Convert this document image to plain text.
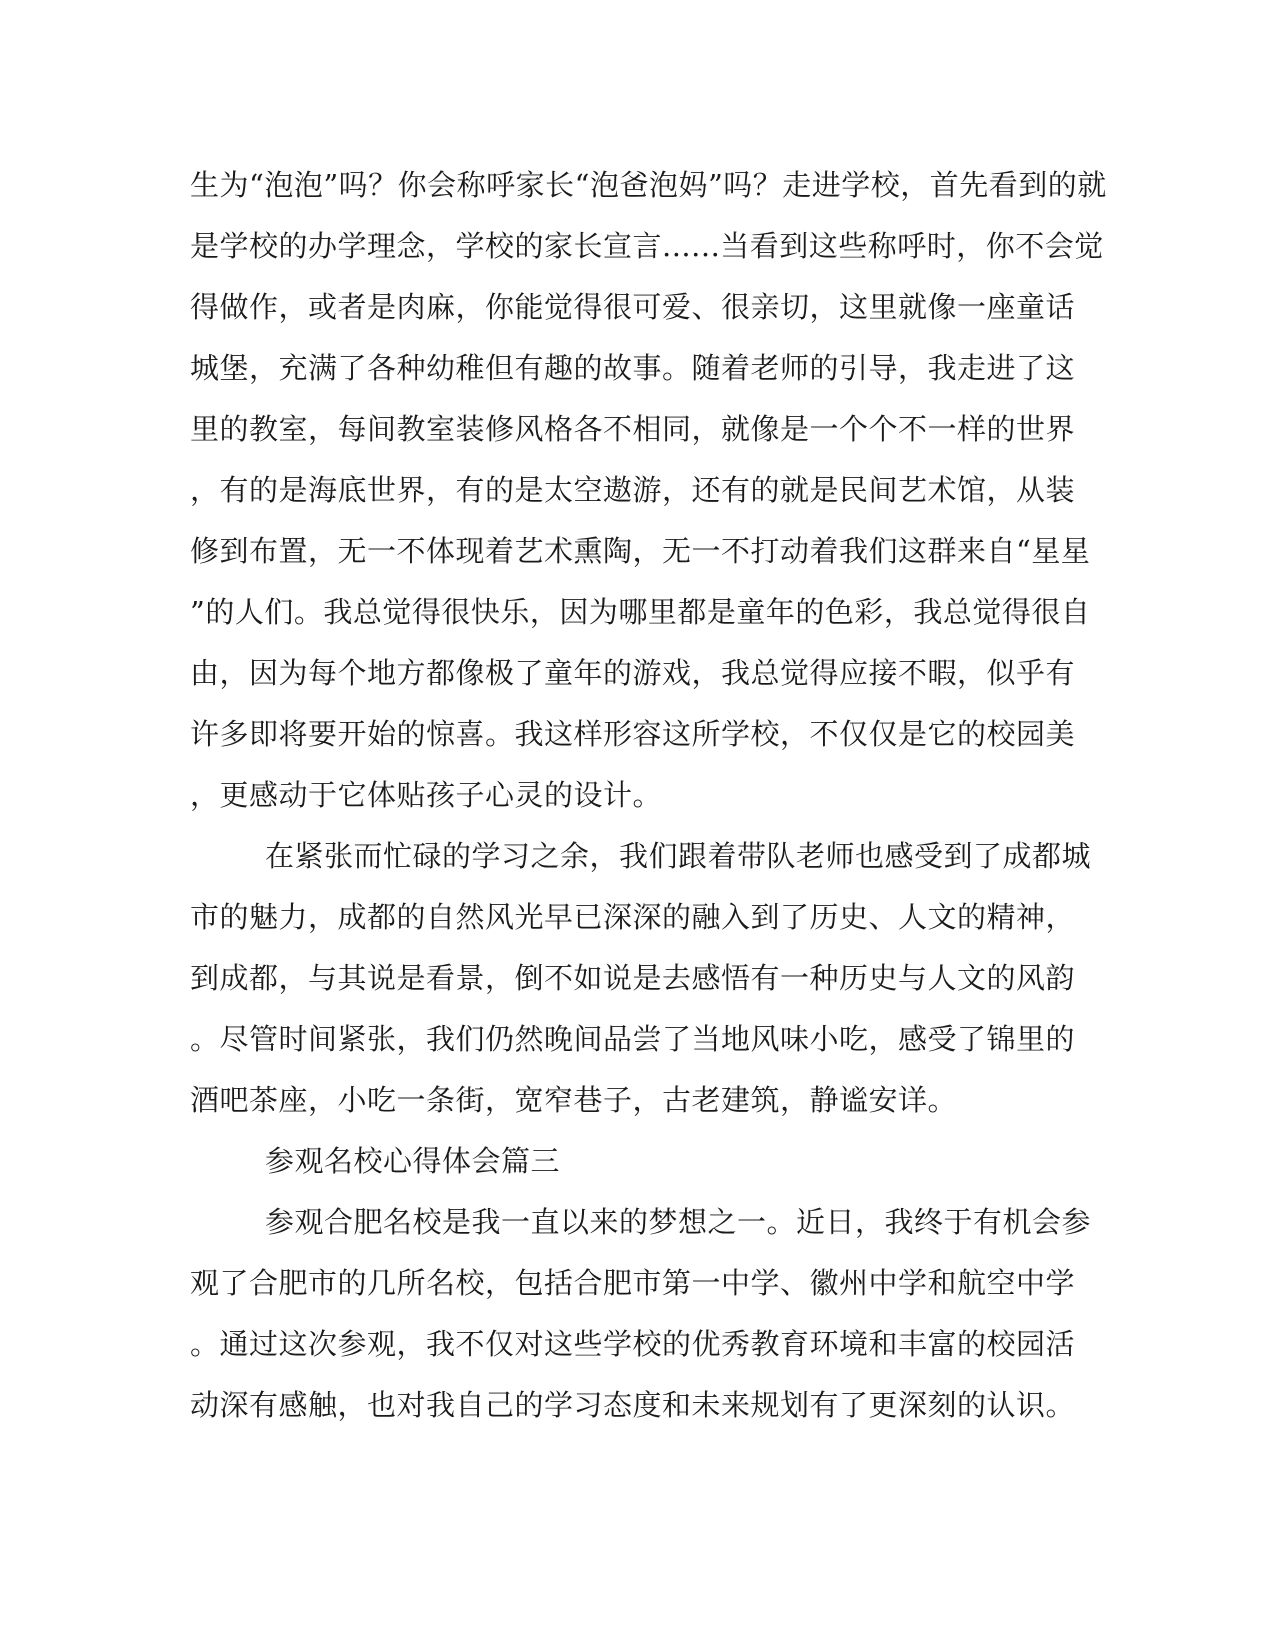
生为“泡泡”吗？你会称呼家长“泡爸泡妈”吗？走进学校，首先看到的就
是学校的办学理念，学校的家长宣言......当看到这些称呼时，你不会觉
得做作，或者是肉麻，你能觉得很可爱、很亲切，这里就像一座童话
城堡，充满了各种幼稚但有趣的故事。随着老师的引导，我走进了这
里的教室，每间教室装修风格各不相同，就像是一个个不一样的世界
，有的是海底世界，有的是太空遨游，还有的就是民间艺术馆，从装
修到布置，无一不体现着艺术熏陶，无一不打动着我们这群来自“星星
”的人们。我总觉得很快乐，因为哪里都是童年的色彩，我总觉得很自
由，因为每个地方都像极了童年的游戏，我总觉得应接不暇，似乎有
许多即将要开始的惊喜。我这样形容这所学校，不仅仅是它的校园美
，更感动于它体贴孩子心灵的设计。
在紧张而忙碌的学习之余，我们跟着带队老师也感受到了成都城
市的魅力，成都的自然风光早已深深的融入到了历史、人文的精神，
到成都，与其说是看景，倒不如说是去感悟有一种历史与人文的风韵
。尽管时间紧张，我们仍然晚间品尝了当地风味小吃，感受了锦里的
酒吧茶座，小吃一条街，宽窄巷子，古老建筑，静谧安详。
参观名校心得体会篇三
参观合肥名校是我一直以来的梦想之一。近日，我终于有机会参
观了合肥市的几所名校，包括合肥市第一中学、徽州中学和航空中学
。通过这次参观，我不仅对这些学校的优秀教育环境和丰富的校园活
动深有感触，也对我自己的学习态度和未来规划有了更深刻的认识。
